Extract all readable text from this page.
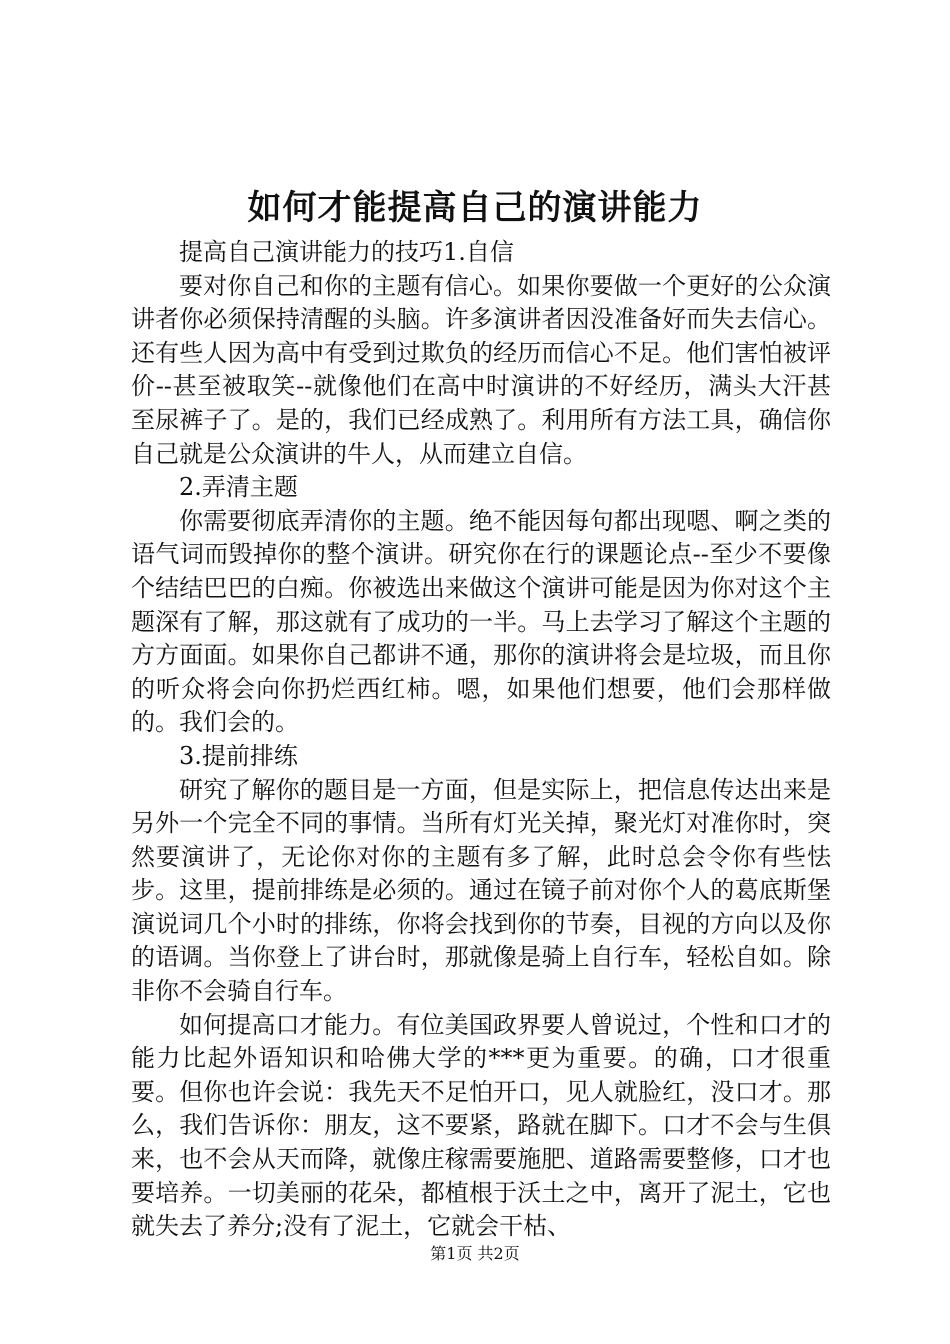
如何才能提高自己的演讲能力

提高自己演讲能力的技巧1.自信

要对你自己和你的主题有信心。如果你要做一个更好的公众演讲者你必须保持清醒的头脑。许多演讲者因没准备好而失去信心。还有些人因为高中有受到过欺负的经历而信心不足。他们害怕被评价--甚至被取笑--就像他们在高中时演讲的不好经历，满头大汗甚至尿裤子了。是的，我们已经成熟了。利用所有方法工具，确信你自己就是公众演讲的牛人，从而建立自信。

2.弄清主题

你需要彻底弄清你的主题。绝不能因每句都出现嗯、啊之类的语气词而毁掉你的整个演讲。研究你在行的课题论点--至少不要像个结结巴巴的白痴。你被选出来做这个演讲可能是因为你对这个主题深有了解，那这就有了成功的一半。马上去学习了解这个主题的方方面面。如果你自己都讲不通，那你的演讲将会是垃圾，而且你的听众将会向你扔烂西红柿。嗯，如果他们想要，他们会那样做的。我们会的。

3.提前排练

研究了解你的题目是一方面，但是实际上，把信息传达出来是另外一个完全不同的事情。当所有灯光关掉，聚光灯对准你时，突然要演讲了，无论你对你的主题有多了解，此时总会令你有些怯步。这里，提前排练是必须的。通过在镜子前对你个人的葛底斯堡演说词几个小时的排练，你将会找到你的节奏，目视的方向以及你的语调。当你登上了讲台时，那就像是骑上自行车，轻松自如。除非你不会骑自行车。

如何提高口才能力。有位美国政界要人曾说过，个性和口才的能力比起外语知识和哈佛大学的***更为重要。的确，口才很重要。但你也许会说：我先天不足怕开口，见人就脸红，没口才。那么，我们告诉你：朋友，这不要紧，路就在脚下。口才不会与生俱来，也不会从天而降，就像庄稼需要施肥、道路需要整修，口才也要培养。一切美丽的花朵，都植根于沃土之中，离开了泥土，它也就失去了养分;没有了泥土，它就会干枯、

第1页 共2页
